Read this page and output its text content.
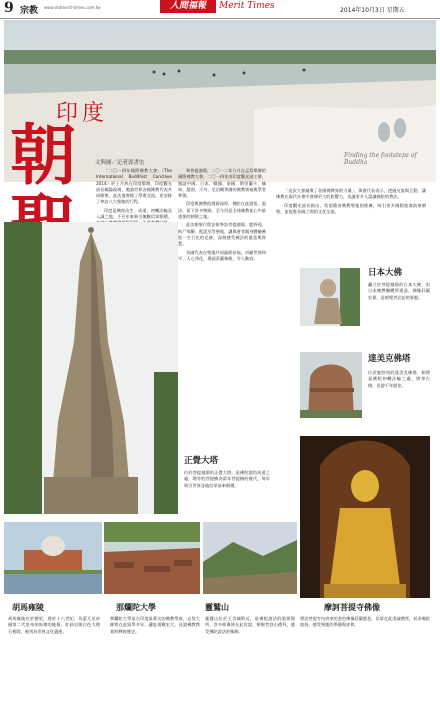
9 宗教 www.ntdmerit-times.com.tw	人間福報	Merit Times	2014年10月3日 星期五
印度
朝	文與圖／記者郭書宏
Finding the footsteps of Buddha

「二〇一四年國際佛教大會」（The International Buddhist Conclave 2014）於上月底在印度舉辦，印度觀光部長親臨現場，邀請世界各國佛教代表共同朝聖，此次盛會除了學術交流，更安排了參訪八大聖地的行程。

印度是佛陀出生、成道、初轉法輪及入滅之地，千百年來吸引無數信眾朝禮，

和普提迦耶，二〇一二年九月在孟買舉辦的國際佛教大會，二〇一四年由印度觀光部主辦，邀請中國、日本、韓國、泰國、斯里蘭卡、緬甸、越南、不丹、尼泊爾等國的佛教領袖與學者參與。

印度與佛教的淵源深厚，佛陀在此證悟、說法，留下許多聖跡，至今仍是全球佛教徒心中最重要的朝聖之地。

此次朝聖行程安排參訪菩提迦耶、鹿野苑、拘尸那羅、藍毘尼等聖地，讓與會者親身體驗佛陀一生行化的足跡，深刻感受佛法的慈悲與智慧。

各國代表在聖地共同誦經祈福，祈願世界和平、人心淨化，場面莊嚴殊勝，令人動容。

「這次大會凝聚了各國佛教界的力量」，與會代表表示，透過交流與互動，讓佛教在現代社會中發揮更大的影響力，也讓更多人認識佛陀的教法。

印度觀光部長指出，希望藉由佛教聖地的推廣，吸引更多國際旅客前來朝聖，並促進各國之間的文化交流。

正覺大塔
位於菩提迦耶的正覺大塔，是佛陀證悟成道之處，塔旁的菩提樹為當年菩提樹的後代，每年吸引世界各地信眾前來朝禮。
日本大佛
矗立於菩提迦耶的日本大佛，由日本佛教團體所建造，佛像莊嚴宏偉，是朝聖者必訪的景點。
達美克佛塔
位於鹿野苑的達美克佛塔，相傳是佛陀初轉法輪之處，塔身古樸，見證千年歷史。
胡馬雍陵	那爛陀大學	靈鷲山	摩訶菩提寺佛像
胡馬雍陵位於德里，建於十六世紀，為蒙兀兒帝國第二代皇帝胡馬雍的陵墓，紅砂岩與白色大理石相間，被列為世界文化遺產。
那爛陀大學是古印度最著名的佛教學府，玄奘大師曾在此留學多年，遺址規模宏大，見證佛教教育的輝煌歷史。
靈鷲山位於王舍城附近，是佛陀說法的重要場所，許多經典皆在此宣說，朝聖者登山禮拜，感受佛陀說法的殊勝。
摩訶菩提寺內供奉的金色佛像莊嚴慈悲，信眾在此虔誠禮拜，祈求佛陀加持，感受聖地的寧靜與祥和。
